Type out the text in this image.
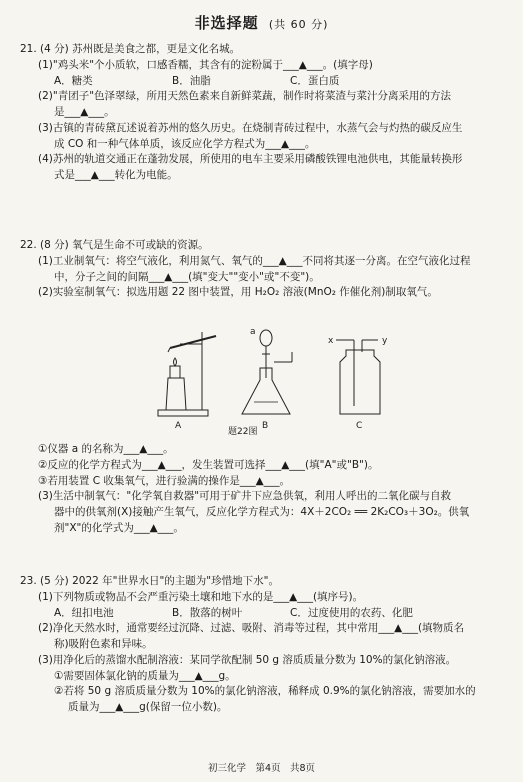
非选择题 (共 60 分)
21. (4 分) 苏州既是美食之都，更是文化名城。
(1)"鸡头米"个小质软，口感香糯，其含有的淀粉属于___▲___。(填字母)
A．糖类	B．油脂	C．蛋白质
(2)"青团子"色泽翠绿，所用天然色素来自新鲜菜蔬，制作时将菜渣与菜汁分离采用的方法
是___▲___。
(3)古镇的青砖黛瓦述说着苏州的悠久历史。在烧制青砖过程中，水蒸气会与灼热的碳反应生
成 CO 和一种气体单质，该反应化学方程式为___▲___。
(4)苏州的轨道交通正在蓬勃发展，所使用的电车主要采用磷酸铁锂电池供电，其能量转换形
式是___▲___转化为电能。
22. (8 分) 氧气是生命不可或缺的资源。
(1)工业制氧气：将空气液化，利用氮气、氧气的___▲___不同将其逐一分离。在空气液化过程
中，分子之间的间隔___▲___(填"变大""变小"或"不变")。
(2)实验室制氧气：拟选用题 22 图中装置，用 H₂O₂ 溶液(MnO₂ 作催化剂)制取氧气。
A	B	C
a
x	y
题22图
①仪器 a 的名称为___▲___。
②反应的化学方程式为___▲___，发生装置可选择___▲___(填"A"或"B")。
③若用装置 C 收集氧气，进行验满的操作是___▲___。
(3)生活中制氧气："化学氧自救器"可用于矿井下应急供氧，利用人呼出的二氧化碳与自救
器中的供氧剂(X)接触产生氧气，反应化学方程式为：4X＋2CO₂ ══ 2K₂CO₃＋3O₂。供氧
剂"X"的化学式为___▲___。
23. (5 分) 2022 年"世界水日"的主题为"珍惜地下水"。
(1)下列物质或物品不会严重污染土壤和地下水的是___▲___(填序号)。
A．纽扣电池	B．散落的树叶	C．过度使用的农药、化肥
(2)净化天然水时，通常要经过沉降、过滤、吸附、消毒等过程，其中常用___▲___(填物质名
称)吸附色素和异味。
(3)用净化后的蒸馏水配制溶液：某同学欲配制 50 g 溶质质量分数为 10%的氯化钠溶液。
①需要固体氯化钠的质量为___▲___g。
②若将 50 g 溶质质量分数为 10%的氯化钠溶液，稀释成 0.9%的氯化钠溶液，需要加水的
质量为___▲___g(保留一位小数)。
初三化学　第4页　共8页
